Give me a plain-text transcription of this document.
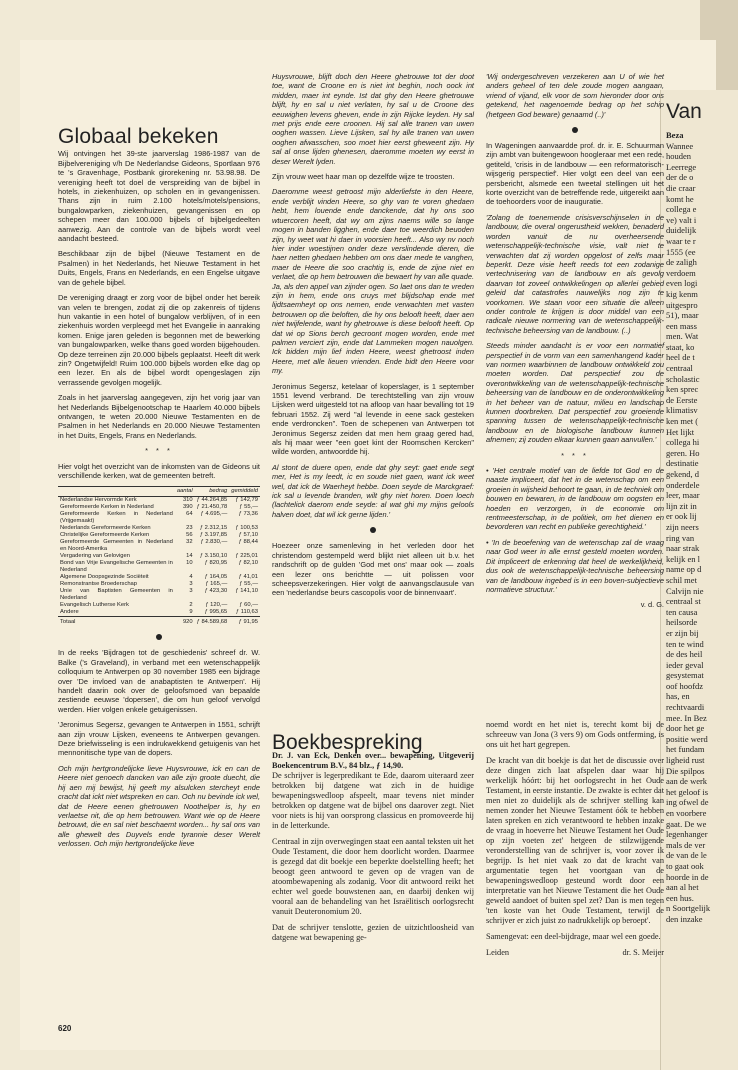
Globaal bekeken

Wij ontvingen het 39-ste jaarverslag 1986-1987 van de Bijbelvereniging v/h De Nederlandse Gideons, Sportlaan 976 te 's Gravenhage, Postbank girorekening nr. 53.98.98. De vereniging heeft tot doel de verspreiding van de bijbel in hotels, in ziekenhuizen, op scholen en in gevangenissen. Thans zijn in ruim 2.100 hotels/motels/pensions, bungalowparken, ziekenhuizen, gevangenissen en op schepen meer dan 100.000 bijbels of bijbelgedeelten aanwezig. Aan de controle van de bijbels wordt veel aandacht besteed.

Beschikbaar zijn de bijbel (Nieuwe Testament en de Psalmen) in het Nederlands, het Nieuwe Testament in het Duits, Engels, Frans en Nederlands, en een Engelse uitgave van de gehele bijbel.

De vereniging draagt er zorg voor de bijbel onder het bereik van velen te brengen, zodat zij die op zakenreis of tijdens hun vakantie in een hotel of bungalow verblijven, of in een ziekenhuis worden verpleegd met het Evangelie in aanraking komen. Enige jaren geleden is begonnen met de bewerking van bungalowparken, welke thans goed worden bijgehouden. Op deze terreinen zijn 20.000 bijbels geplaatst. Heeft dit werk zin? Ongetwijfeld! Ruim 100.000 bijbels worden elke dag op een lezer. En als de bijbel wordt opengeslagen zijn verrassende gevolgen mogelijk.

Zoals in het jaarverslag aangegeven, zijn het vorig jaar van het Nederlands Bijbelgenootschap te Haarlem 40.000 bijbels ontvangen, te weten 20.000 Nieuwe Testamenten en de Psalmen in het Nederlands en 20.000 Nieuwe Testamenten in het Duits, Engels, Frans en Nederlands.

* * *

Hier volgt het overzicht van de inkomsten van de Gideons uit verschillende kerken, wat de gemeenten betreft.

	aantal	bedrag	gemiddeld
Nederlandse Hervormde Kerk	310	ƒ 44.264,85	ƒ 142,79
Gereformeerde Kerken in Nederland	390	ƒ 21.450,78	ƒ 55,—
Gereformeerde Kerken in Nederland (Vrijgemaakt)	64	ƒ 4.695,—	ƒ 73,36
Nederlands Gereformeerde Kerken	23	ƒ 2.312,15	ƒ 100,53
Christelijke Gereformeerde Kerken	56	ƒ 3.197,85	ƒ 57,10
Gereformeerde Gemeenten in Nederland en Noord-Amerika	32	ƒ 2.830,—	ƒ 88,44
Vergadering van Gelovigen	14	ƒ 3.150,10	ƒ 225,01
Bond van Vrije Evangelische Gemeenten in Nederland	10	ƒ 820,95	ƒ 82,10
Algemene Doopsgezinde Sociëteit	4	ƒ 164,05	ƒ 41,01
Remonstrantse Broederschap	3	ƒ 165,—	ƒ 55,—
Unie van Baptisten Gemeenten in Nederland	3	ƒ 423,30	ƒ 141,10
Evangelisch Lutherse Kerk	2	ƒ 120,—	ƒ 60,—
Andere	9	ƒ 995,65	ƒ 110,63
Totaal	920	ƒ 84.589,68	ƒ 91,95

In de reeks 'Bijdragen tot de geschiedenis' schreef dr. W. Balke ('s Graveland), in verband met een wetenschappelijk colloquium te Antwerpen op 30 november 1985 een bijdrage over 'De invloed van de anabaptisten te Antwerpen'. Hij handelt daarin ook over de geloofsmoed van bepaalde zestiende eeuwse 'dopersen', die om hun geloof vervolgd werden. Hier volgen enkele getuigenissen.

'Jeronimus Segersz, gevangen te Antwerpen in 1551, schrijft aan zijn vrouw Lijsken, eveneens te Antwerpen gevangen. Deze briefwisseling is een indrukwekkend getuigenis van het mennonitische type van de dopers.

Och mijn hertgrondelijcke lieve Huysvrouwe, ick en can de Heere niet genoech dancken van alle zijn groote duecht, die hij aen mij bewijst, hij geeft my alsulcken stercheyt ende cracht dat ickt niet wtspreken en can. Och nu bevinde ick wel, dat de Heere eenen ghetrouwen Noothelper is, hy en verlaetse nit, die op hem betrouwen. Want wie op de Heere betrouwt, die en sal niet beschaemt worden... hy sal ons van alle ghewelt des Duyvels ende tyrannie deser Werelt verlossen. Och mijn hertgrondelijcke lieve

Huysvrouwe, blijft doch den Heere ghetrouwe tot der doot toe, want de Croone en is niet int beghin, noch oock int midden, maer int eynde. Ist dat ghy den Heere ghetrouwe blijft, hy en sal u niet verlaten, hy sal u de Croone des eeuwighen levens gheven, ende in zijn Rijcke leyden. Hy sal met prijs ende eere croonen. Hij sal alle tranen van uwen ooghen wassen. Lieve Lijsken, sal hy alle tranen van uwen ooghen afwasschen, soo moet hier eerst gheweent zijn. Hy sal al onse lijden ghenesen, daeromme moeten wy eerst in deser Werelt lyden.

Zijn vrouw weet haar man op dezelfde wijze te troosten.

Daeromme weest getroost mijn alderliefste in den Heere, ende verblijt vinden Heere, so ghy van te voren ghedaen hebt, hem louende ende danckende, dat hy ons soo wtuercoren heeft, dat wy om zijns naems wille so lange mogen in banden ligghen, ende daer toe weerdich beuoden zijn, hy weet wat hi daer in voorsien heeft... Also wy nv noch hier inder woestijnen onder deze verslindende dieren, die haer netten ghedaen hebben om ons daer mede te vanghen, maer de Heere die soo crachtig is, ende de zijne niet en verlaet, die op hem betrouwen die bewaert hy van alle quade. Ja, als den appel van zijnder ogen. So laet ons dan te vreden zijn in hem, ende ons cruys met blijdschap ende met lijdtsaemheyt op ons nemen, ende verwachten met vasten betrouwen op die beloften, die hy ons belooft heeft, daer aen niet twijfelende, want hy ghetrouwe is diese belooft heeft. Op dat wi op Sions berch gecroont mogen worden, ende met palmen verciert zijn, ende dat Lammeken mogen nauolgen. Ick bidden mijn lief inden Heere, weest ghetroost inden Heere, met alle lieuen vrienden. Ende bidt den Heere voor my.

Jeronimus Segersz, ketelaar of koperslager, is 1 september 1551 levend verbrand. De terechtstelling van zijn vrouw Lijsken werd uitgesteld tot na afloop van haar bevalling tot 19 februari 1552. Zij werd "al levende in eene sack gesteken ende verdroncken". Toen de schepenen van Antwerpen tot Jeronimus Segersz zeiden dat men hem graag gered had, als hij maar weer "een goet kint der Roomschen Kercken" wilde worden, antwoordde hij.

Al stont de duere open, ende dat ghy seyt: gaet ende segt mer, Het is my leedt, ic en soude niet gaen, want ick weet wel, dat ick de Waerheyt hebbe. Doen seyde de Marckgraef: ick sal u levende branden, wilt ghy niet horen. Doen loech (lachtelick daerom ende seyde: al wat ghi my mijns gelooſs halven doet, dat wil ick gerne lijden.'

Hoezeer onze samenleving in het verleden door het christendom gestempeld werd blijkt niet alleen uit b.v. het randschrift op de gulden 'God met ons' maar ook — zoals een lezer ons berichtte — uit polissen voor scheepsverzekeringen. Hier volgt de aanvangsclausule van een 'nederlandse beurs cascopolis voor de binnenvaart'.

'Wij ondergeschreven verzekeren aan U of wie het anders geheel of ten dele zoude mogen aangaan, vriend of vijand, elk voor de som hieronder door ons getekend, het nagenoemde bedrag op het schip (hetgeen God beware) genaamd (..)'

In Wageningen aanvaardde prof. dr. ir. E. Schuurman zijn ambt van buitengewoon hoogleraar met een rede, getiteld, 'crisis in de landbouw — een reformatorisch-wijsgerig perspectief'. Hier volgt een deel van een persbericht, alsmede een tweetal stellingen uit het korte overzicht van de betreffende rede, uitgereikt aan de toehoorders voor de inauguratie.

'Zolang de toenemende crisisverschijnselen in de landbouw, die overal ongerustheid wekken, benaderd worden vanuit de nu overheersende wetenschappelijk-technische visie, valt niet te verwachten dat zij worden opgelost of zelfs maar beperkt. Deze visie heeft reeds tot een zodanige vertechnisering van de landbouw en als gevolg daarvan tot zoveel ontwikkelingen op allerlei gebied geleid dat catastrofes nauwelijks nog zijn te voorkomen. We staan voor een situatie die alleen onder controle te krijgen is door middel van een radicale nieuwe normering van de wetenschappelijk-technische beheersing van de landbouw. (..)

Steeds minder aandacht is er voor een normatief perspectief in de vorm van een samenhangend kader van normen waarbinnen de landbouw ontwikkeld zou moeten worden. Dat perspectief zou de overontwikkeling van de wetenschappelijk-technische beheersing van de landbouw en de onderontwikkeling in het beheer van de natuur, milieu en landschap kunnen doorbreken. Dat perspectief zou groeiende spanning tussen de wetenschappelijk-technische landbouw en de biologische landbouw kunnen afnemen; zij zouden elkaar kunnen gaan aanvullen.'

* * *

• 'Het centrale motief van de liefde tot God en de naaste impliceert, dat het in de wetenschap om een groeien in wijsheid behoort te gaan, in de techniek om bouwen en bewaren, in de landbouw om oogsten en hoeden en verzorgen, in de economie om rentmeesterschap, in de politiek, om het dienen en bevorderen van recht en publieke gerechtigheid.'

• 'In de beoefening van de wetenschap zal de vraag naar God weer in alle ernst gesteld moeten worden. Dit impliceert de erkenning dat heel de werkelijkheid, dus ook de wetenschappelijk-technische beheersing van de landbouw ingebed is in een boven-subjectieve normatieve structuur.'

v. d. G.
Boekbespreking
Dr. J. van Eck, Denken over... bewapening, Uitgeverij Boekencentrum B.V., 84 blz., ƒ 14,90.

De schrijver is legerpredikant te Ede, daarom uiteraard zeer betrokken bij datgene wat zich in de huidige bewapeningswedloop afspeelt, maar tevens niet minder betrokken op datgene wat de bijbel ons daarover zegt. Niet voor niets is hij van oorsprong classicus en promoveerde hij in de letterkunde.

Centraal in zijn overwegingen staat een aantal teksten uit het Oude Testament, die door hem doorlicht worden. Daarmee is gezegd dat dit boekje een beperkte doelstelling heeft; het beoogt geen antwoord te geven op de vragen van de atoombewapening als zodanig. Voor dit antwoord reikt het echter wel goede bouwstenen aan, en daarbij denken wij vooral aan de behandeling van het Israëlitisch oorlogsrecht vanuit Deuteronomium 20.

Dat de schrijver tenslotte, gezien de uitzichtloosheid van datgene wat bewapening ge-

noemd wordt en het niet is, terecht komt bij de schreeuw van Jona (3 vers 9) om Gods ontferming, is ons uit het hart gegrepen.

De kracht van dit boekje is dat het de discussie over deze dingen zich laat afspelen daar waar hij werkelijk hóórt: bij het oorlogsrecht in het Oude Testament, in eerste instantie. De zwakte is echter dat men niet zo duidelijk als de schrijver stelling kan nemen zonder het Nieuwe Testament óók te hebben laten spreken en zich verantwoord te hebben inzake de vraag in hoeverre het Nieuwe Testament het Oude op zijn voeten zet' hetgeen de stilzwijgende veronderstelling van de schrijver is, voor zover ik begrijp. Is het niet vaak zo dat de kracht van argumentatie tegen het voortgaan van de bewapeningswedloop gesteund wordt door een interpretatie van het Nieuwe Testament die het Oude geweld aandoet of buiten spel zet? Dan is men tegen 'ten koste van het Oude Testament, terwijl de schrijver er zich juist zo nadrukkelijk op beroept'.

Samengevat: een deel-bijdrage, maar wel een goede.

Leiden	dr. S. Meijer
Van
Beza
Wannee
houden
Leerrege
der de o
die craar
komt he
collega e
ve) valt i
duidelijk
waar te r
1555 (ee
de zaligh
verdoem
even logi
kig kenm
uitgespro
51), maar
een mass
men. Wat
staat, ko
heel de t
centraal
scholastic
ken sprec
de Eerste
klimatisv
ken met (
Het lijkt
collega hi
geren. Ho
destinatie
gekend, d
onderdele
leer, maar
lijn zit in
er ook lij
zijn neers
ring van
naar strak
kelijk en l
name op d
schil met
Calvijn nie
centraal st
ten causa
heilsorde
er zijn bij
ten te wind
de des heil
ieder geval
gesystemat
oof hoofdz
has, en
rechtvaardi
mee. In Bez
door het ge
positie werd
het fundam
ligheid rust
Die spilpos
aan de werk
het geloof is
ing ofwel de
en voorbere
gaat. De we
legenhanger
mals de ver
de van de le
to gaat ook
hoorde in de
aan al het
een hus.
n Soortgelijk
den inzake
620
